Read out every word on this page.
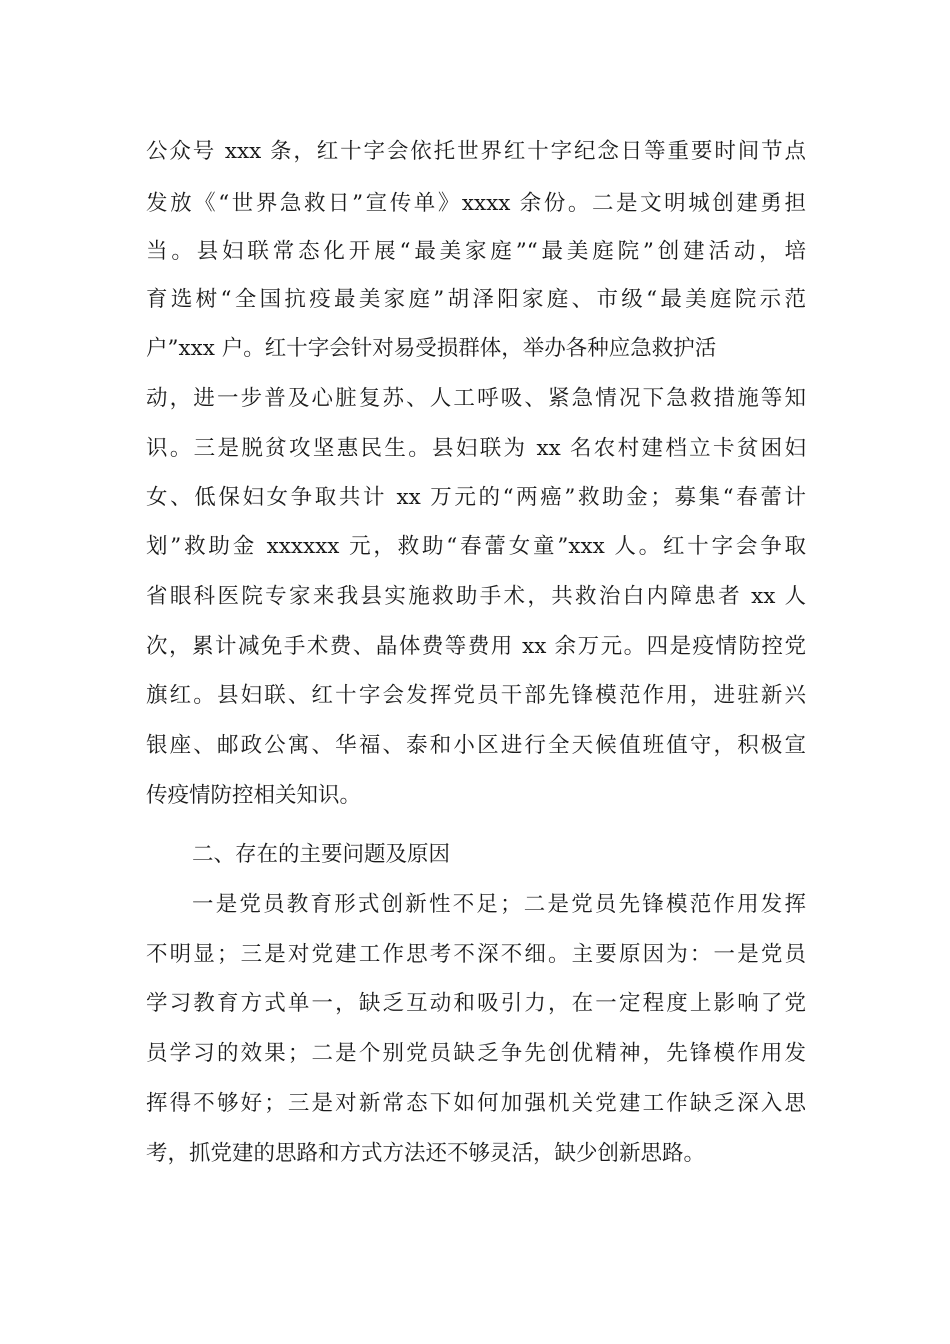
公众号 xxx 条，红十字会依托世界红十字纪念日等重要时间节点
发放《“世界急救日”宣传单》xxxx 余份。二是文明城创建勇担
当。县妇联常态化开展“最美家庭”“最美庭院”创建活动，培
育选树“全国抗疫最美家庭”胡泽阳家庭、市级“最美庭院示范
户”xxx 户。红十字会针对易受损群体，举办各种应急救护活
动，进一步普及心脏复苏、人工呼吸、紧急情况下急救措施等知
识。三是脱贫攻坚惠民生。县妇联为 xx 名农村建档立卡贫困妇
女、低保妇女争取共计 xx 万元的“两癌”救助金；募集“春蕾计
划”救助金 xxxxxx 元，救助“春蕾女童”xxx 人。红十字会争取
省眼科医院专家来我县实施救助手术，共救治白内障患者 xx 人
次，累计减免手术费、晶体费等费用 xx 余万元。四是疫情防控党
旗红。县妇联、红十字会发挥党员干部先锋模范作用，进驻新兴
银座、邮政公寓、华福、泰和小区进行全天候值班值守，积极宣
传疫情防控相关知识。
二、存在的主要问题及原因
一是党员教育形式创新性不足；二是党员先锋模范作用发挥
不明显；三是对党建工作思考不深不细。主要原因为：一是党员
学习教育方式单一，缺乏互动和吸引力，在一定程度上影响了党
员学习的效果；二是个别党员缺乏争先创优精神，先锋模作用发
挥得不够好；三是对新常态下如何加强机关党建工作缺乏深入思
考，抓党建的思路和方式方法还不够灵活，缺少创新思路。
